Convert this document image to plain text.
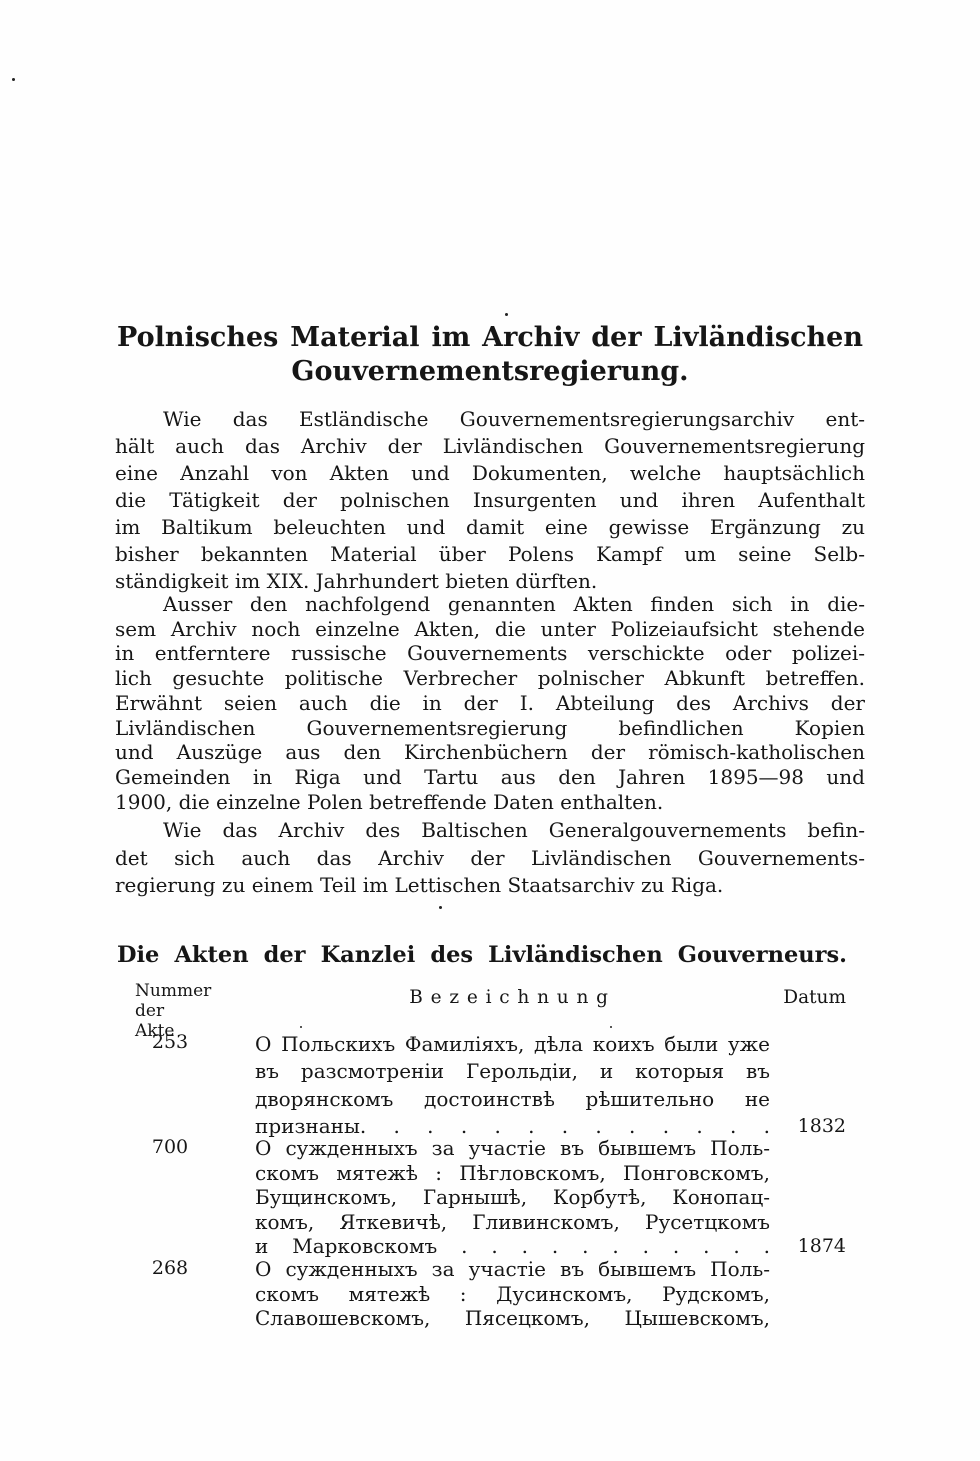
Polnisches Material im Archiv der Livländischen
Gouvernementsregierung.
Wie das Estländische Gouvernementsregierungsarchiv ent-
hält auch das Archiv der Livländischen Gouvernementsregierung
eine Anzahl von Akten und Dokumenten, welche hauptsächlich
die Tätigkeit der polnischen Insurgenten und ihren Aufenthalt
im Baltikum beleuchten und damit eine gewisse Ergänzung zu
bisher bekannten Material über Polens Kampf um seine Selb-
ständigkeit im XIX. Jahrhundert bieten dürften.
Ausser den nachfolgend genannten Akten finden sich in die-
sem Archiv noch einzelne Akten, die unter Polizeiaufsicht stehende
in entferntere russische Gouvernements verschickte oder polizei-
lich gesuchte politische Verbrecher polnischer Abkunft betreffen.
Erwähnt seien auch die in der I. Abteilung des Archivs der
Livländischen Gouvernementsregierung befindlichen Kopien
und Auszüge aus den Kirchenbüchern der römisch-katholischen
Gemeinden in Riga und Tartu aus den Jahren 1895—98 und
1900, die einzelne Polen betreffende Daten enthalten.
Wie das Archiv des Baltischen Generalgouvernements befin-
det sich auch das Archiv der Livländischen Gouvernements-
regierung zu einem Teil im Lettischen Staatsarchiv zu Riga.
Die Akten der Kanzlei des Livländischen Gouverneurs.
Nummer
der Akte
Bezeichnung	Datum
253	О Польскихъ Фамиліяхъ, дѣла коихъ были уже
въ разсмотреніи Герольдіи, и которыя въ
дворянскомъ достоинствѣ рѣшительно не
признаны. . . . . . . . . . . . .	1832
700	О сужденныхъ за участіе въ бывшемъ Поль-
скомъ мятежѣ : Пѣгловскомъ, Понговскомъ,
Бущинскомъ, Гарнышѣ, Корбутѣ, Конопац-
комъ, Яткевичѣ, Гливинскомъ, Русетцкомъ
и Марковскомъ . . . . . . . . . . .	1874
268	О сужденныхъ за участіе въ бывшемъ Поль-
скомъ мятежѣ : Дусинскомъ, Рудскомъ,
Славошевскомъ, Пясецкомъ, Цышевскомъ,
